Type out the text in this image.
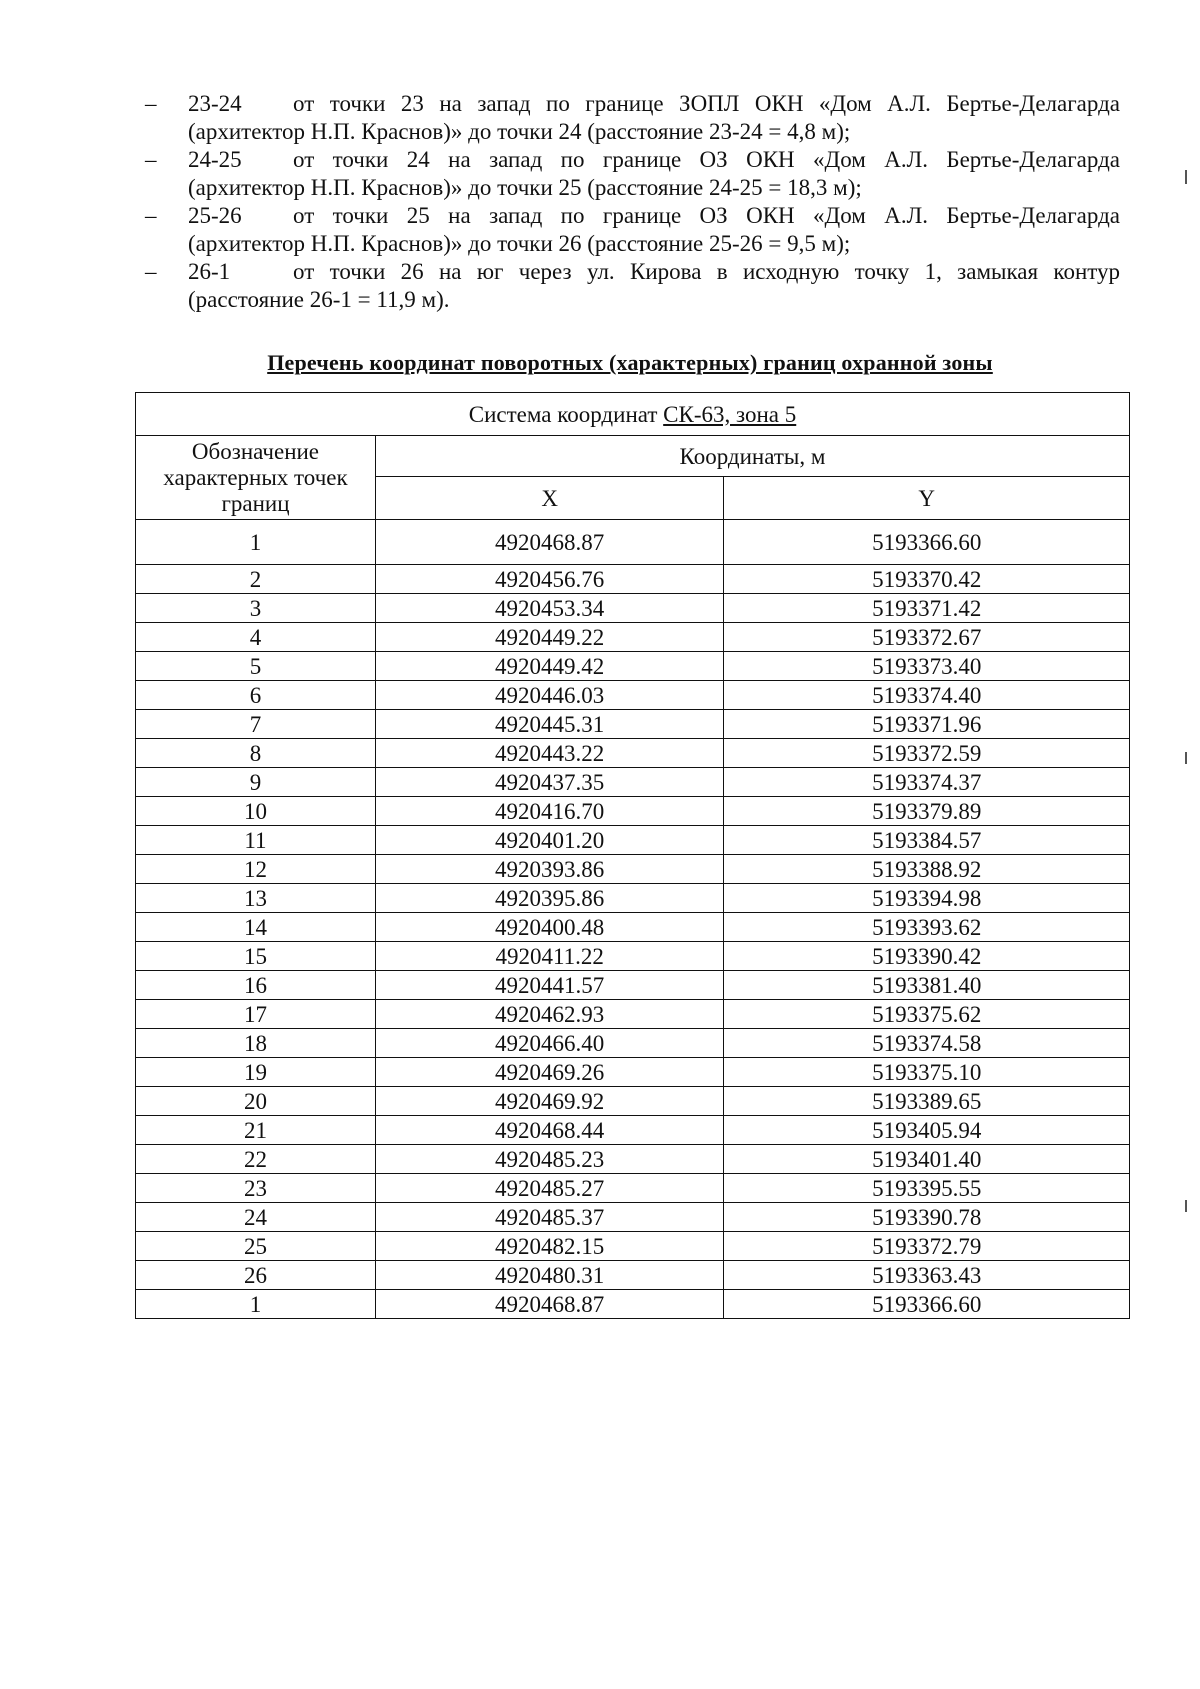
– 23-24 от точки 23 на запад по границе ЗОПЛ ОКН «Дом А.Л. Бертье-Делагарда
(архитектор Н.П. Краснов)» до точки 24 (расстояние 23-24 = 4,8 м);
– 24-25 от точки 24 на запад по границе ОЗ ОКН «Дом А.Л. Бертье-Делагарда
(архитектор Н.П. Краснов)» до точки 25 (расстояние 24-25 = 18,3 м);
– 25-26 от точки 25 на запад по границе ОЗ ОКН «Дом А.Л. Бертье-Делагарда
(архитектор Н.П. Краснов)» до точки 26 (расстояние 25-26 = 9,5 м);
– 26-1	от точки 26 на юг через ул. Кирова в исходную точку 1, замыкая контур
(расстояние 26-1 = 11,9 м).
Перечень координат поворотных (характерных) границ охранной зоны
Система координат СК-63, зона 5		
Обозначение характерных точек границ	Координаты, м	
	X	Y
1	4920468.87	5193366.60
2	4920456.76	5193370.42
3	4920453.34	5193371.42
4	4920449.22	5193372.67
5	4920449.42	5193373.40
6	4920446.03	5193374.40
7	4920445.31	5193371.96
8	4920443.22	5193372.59
9	4920437.35	5193374.37
10	4920416.70	5193379.89
11	4920401.20	5193384.57
12	4920393.86	5193388.92
13	4920395.86	5193394.98
14	4920400.48	5193393.62
15	4920411.22	5193390.42
16	4920441.57	5193381.40
17	4920462.93	5193375.62
18	4920466.40	5193374.58
19	4920469.26	5193375.10
20	4920469.92	5193389.65
21	4920468.44	5193405.94
22	4920485.23	5193401.40
23	4920485.27	5193395.55
24	4920485.37	5193390.78
25	4920482.15	5193372.79
26	4920480.31	5193363.43
1	4920468.87	5193366.60
